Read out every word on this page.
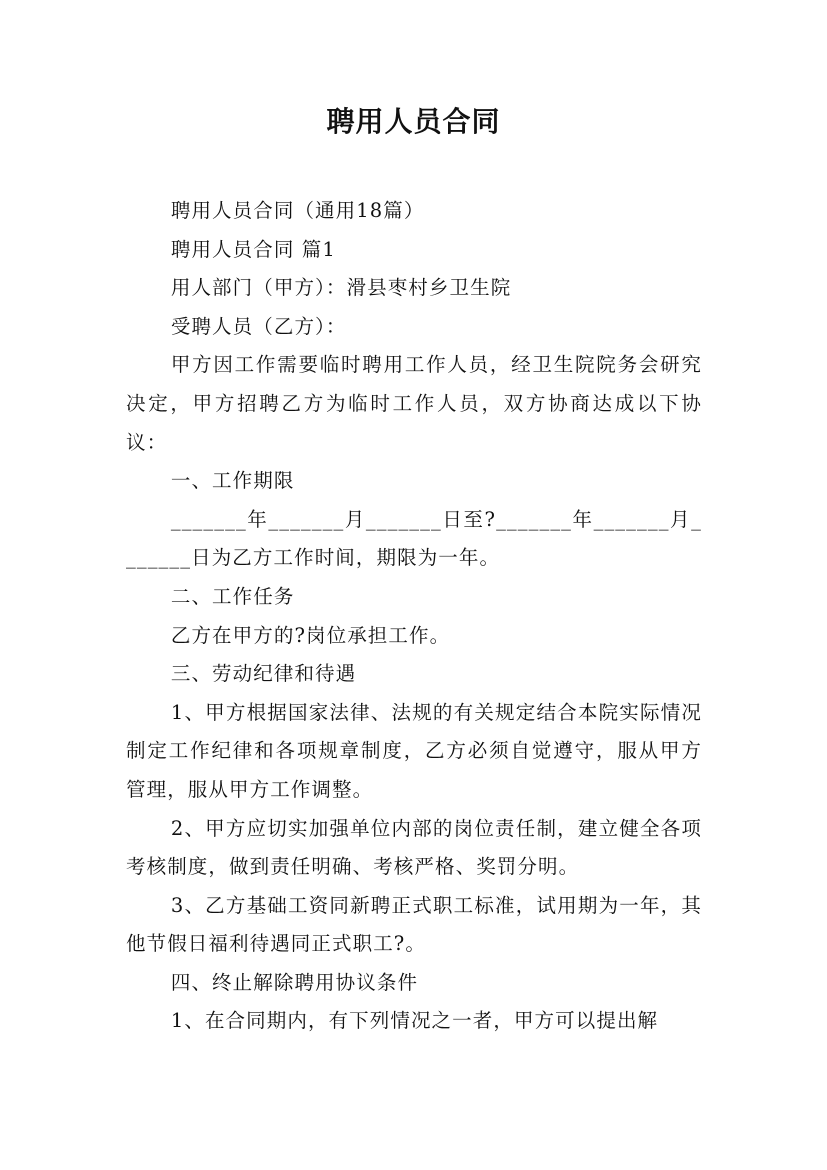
聘用人员合同

聘用人员合同（通用18篇）

聘用人员合同 篇1

用人部门（甲方）：滑县枣村乡卫生院

受聘人员（乙方）：

甲方因工作需要临时聘用工作人员，经卫生院院务会研究决定，甲方招聘乙方为临时工作人员，双方协商达成以下协议：

一、工作期限

_______年_______月_______日至?_______年_______月_______日为乙方工作时间，期限为一年。

二、工作任务

乙方在甲方的?岗位承担工作。

三、劳动纪律和待遇

1、甲方根据国家法律、法规的有关规定结合本院实际情况制定工作纪律和各项规章制度，乙方必须自觉遵守，服从甲方管理，服从甲方工作调整。

2、甲方应切实加强单位内部的岗位责任制，建立健全各项考核制度，做到责任明确、考核严格、奖罚分明。

3、乙方基础工资同新聘正式职工标准，试用期为一年，其他节假日福利待遇同正式职工?。

四、终止解除聘用协议条件

1、在合同期内，有下列情况之一者，甲方可以提出解
